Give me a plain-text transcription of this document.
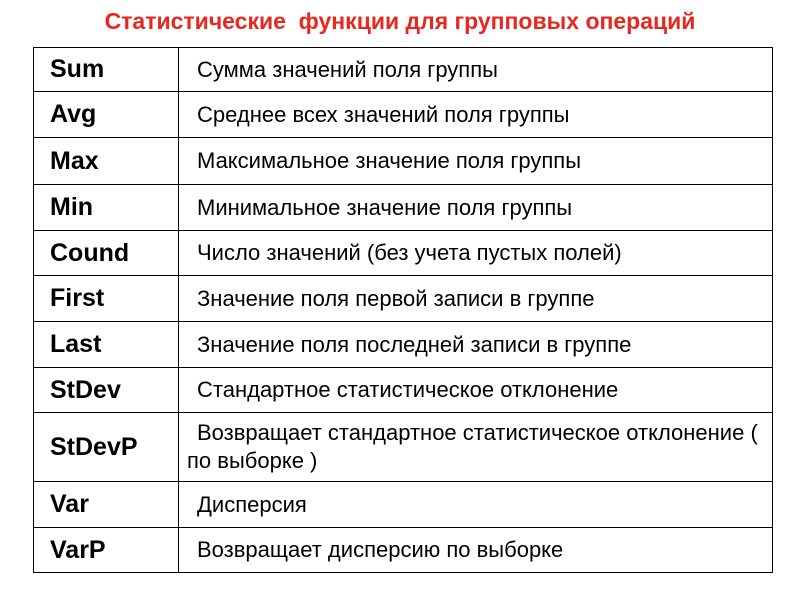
Статистические  функции для групповых операций
Sum	Сумма значений поля группы
Avg	Среднее всех значений поля группы
Max	Максимальное значение поля группы
Min	Минимальное значение поля группы
Cound	Число значений (без учета пустых полей)
First	Значение поля первой записи в группе
Last	Значение поля последней записи в группе
StDev	Стандартное статистическое отклонение
StDevP	Возвращает стандартное статистическое отклонение ( по выборке )
Var	Дисперсия
VarP	Возвращает дисперсию по выборке
